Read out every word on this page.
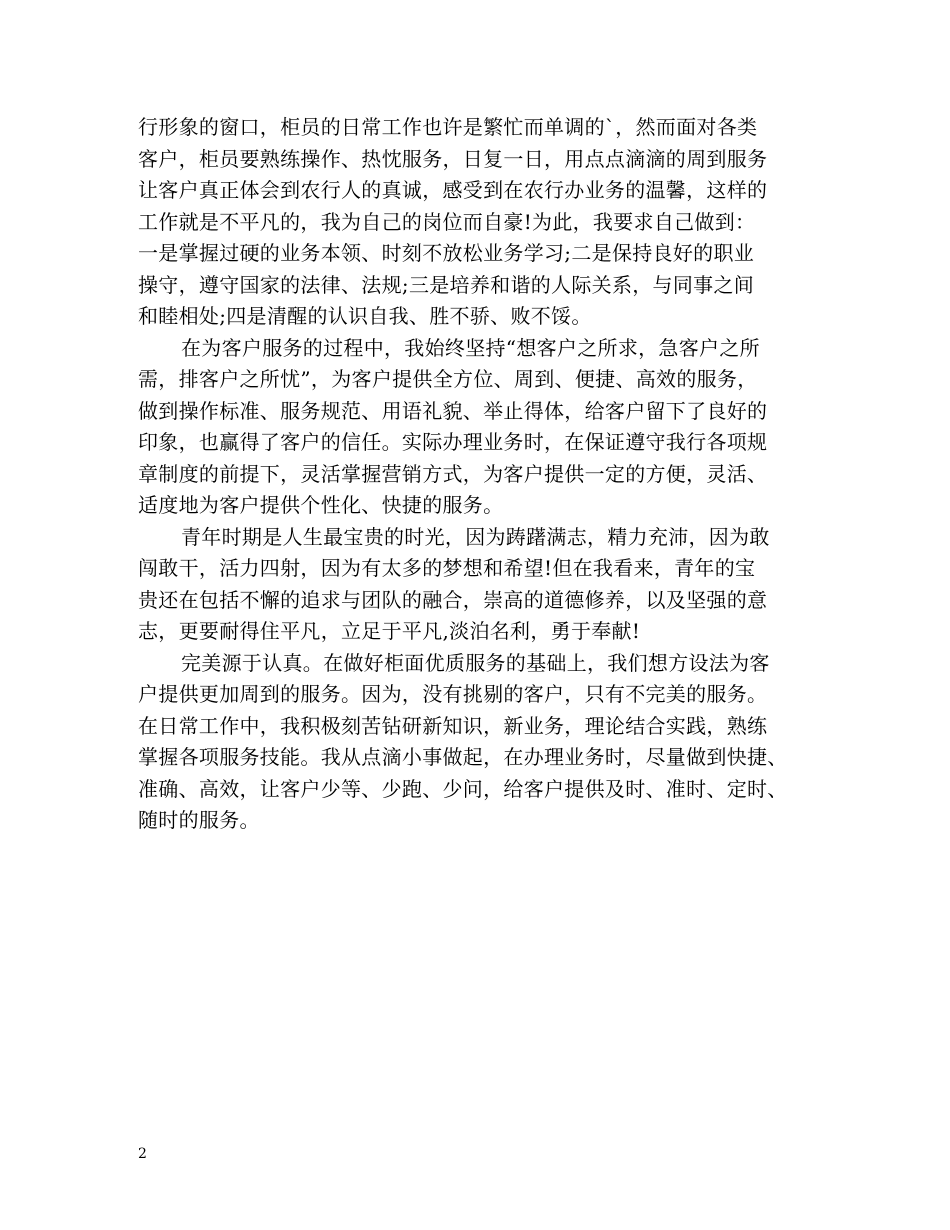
行形象的窗口，柜员的日常工作也许是繁忙而单调的`，然而面对各类
客户，柜员要熟练操作、热忱服务，日复一日，用点点滴滴的周到服务
让客户真正体会到农行人的真诚，感受到在农行办业务的温馨，这样的
工作就是不平凡的，我为自己的岗位而自豪!为此，我要求自己做到：
一是掌握过硬的业务本领、时刻不放松业务学习;二是保持良好的职业
操守，遵守国家的法律、法规;三是培养和谐的人际关系，与同事之间
和睦相处;四是清醒的认识自我、胜不骄、败不馁。
在为客户服务的过程中，我始终坚持“想客户之所求，急客户之所
需，排客户之所忧”，为客户提供全方位、周到、便捷、高效的服务，
做到操作标准、服务规范、用语礼貌、举止得体，给客户留下了良好的
印象，也赢得了客户的信任。实际办理业务时，在保证遵守我行各项规
章制度的前提下，灵活掌握营销方式，为客户提供一定的方便，灵活、
适度地为客户提供个性化、快捷的服务。
青年时期是人生最宝贵的时光，因为踌躇满志，精力充沛，因为敢
闯敢干，活力四射，因为有太多的梦想和希望!但在我看来，青年的宝
贵还在包括不懈的追求与团队的融合，崇高的道德修养，以及坚强的意
志，更要耐得住平凡，立足于平凡,淡泊名利，勇于奉献!
完美源于认真。在做好柜面优质服务的基础上，我们想方设法为客
户提供更加周到的服务。因为，没有挑剔的客户，只有不完美的服务。
在日常工作中，我积极刻苦钻研新知识，新业务，理论结合实践，熟练
掌握各项服务技能。我从点滴小事做起，在办理业务时，尽量做到快捷、
准确、高效，让客户少等、少跑、少问，给客户提供及时、准时、定时、
随时的服务。
2
